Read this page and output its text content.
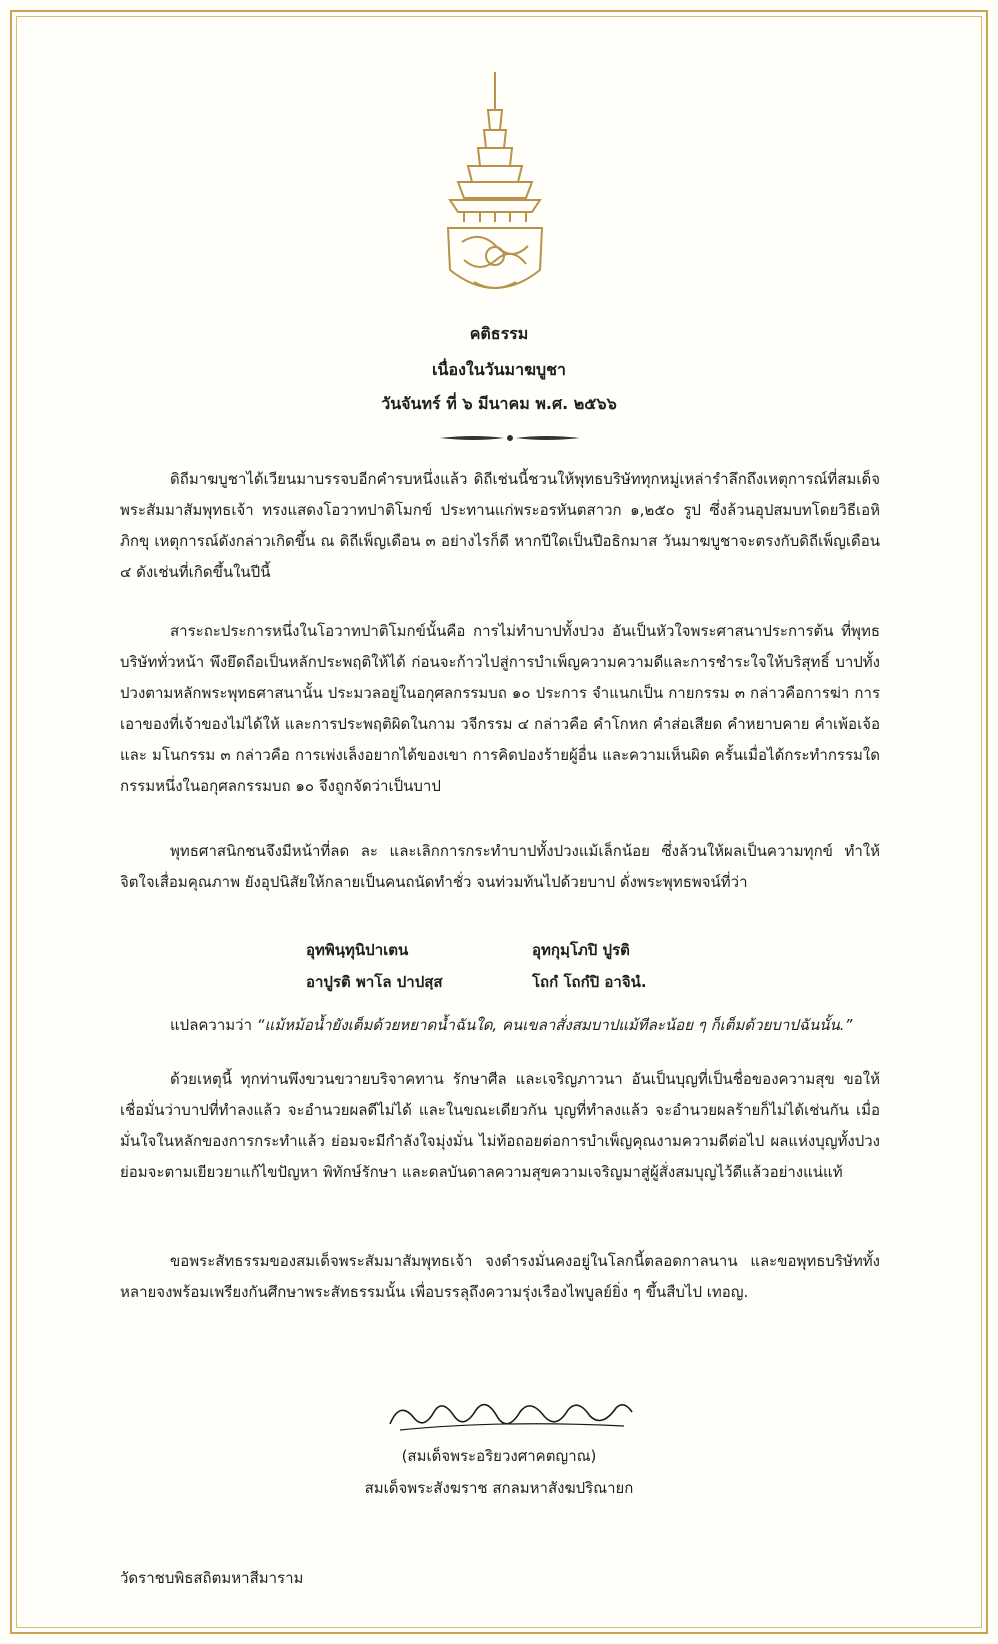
คติธรรม
เนื่องในวันมาฆบูชา
วันจันทร์ ที่ ๖ มีนาคม พ.ศ. ๒๕๖๖

ดิถีมาฆบูชาได้เวียนมาบรรจบอีกคำรบหนึ่งแล้ว ดิถีเช่นนี้ชวนให้พุทธบริษัททุกหมู่เหล่ารำลึกถึงเหตุการณ์ที่สมเด็จพระสัมมาสัมพุทธเจ้า ทรงแสดงโอวาทปาติโมกข์ ประทานแก่พระอรหันตสาวก ๑,๒๕๐ รูป ซึ่งล้วนอุปสมบทโดยวิธีเอหิภิกขุ เหตุการณ์ดังกล่าวเกิดขึ้น ณ ดิถีเพ็ญเดือน ๓ อย่างไรก็ดี หากปีใดเป็นปีอธิกมาส วันมาฆบูชาจะตรงกับดิถีเพ็ญเดือน ๔ ดังเช่นที่เกิดขึ้นในปีนี้

สาระถะประการหนึ่งในโอวาทปาติโมกข์นั้นคือ การไม่ทำบาปทั้งปวง อันเป็นหัวใจพระศาสนาประการต้น ที่พุทธบริษัททั่วหน้า พึงยึดถือเป็นหลักประพฤติให้ได้ ก่อนจะก้าวไปสู่การบำเพ็ญความความดีและการชำระใจให้บริสุทธิ์ บาปทั้งปวงตามหลักพระพุทธศาสนานั้น ประมวลอยู่ในอกุศลกรรมบถ ๑๐ ประการ จำแนกเป็น กายกรรม ๓ กล่าวคือการฆ่า การเอาของที่เจ้าของไม่ได้ให้ และการประพฤติผิดในกาม วจีกรรม ๔ กล่าวคือ คำโกหก คำส่อเสียด คำหยาบคาย คำเพ้อเจ้อ และ มโนกรรม ๓ กล่าวคือ การเพ่งเล็งอยากได้ของเขา การคิดปองร้ายผู้อื่น และความเห็นผิด ครั้นเมื่อได้กระทำกรรมใดกรรมหนึ่งในอกุศลกรรมบถ ๑๐ จึงถูกจัดว่าเป็นบาป

พุทธศาสนิกชนจึงมีหน้าที่ลด ละ และเลิกการกระทำบาปทั้งปวงแม้เล็กน้อย ซึ่งล้วนให้ผลเป็นความทุกข์ ทำให้จิตใจเสื่อมคุณภาพ ยังอุปนิสัยให้กลายเป็นคนถนัดทำชั่ว จนท่วมท้นไปด้วยบาป ดั่งพระพุทธพจน์ที่ว่า

อุทพินฺทุนิปาเตน
อาปูรติ พาโล ปาปสฺส
อุทกุมฺโภปิ ปูรติ
โถกํ โถกํปิ อาจินํ.

แปลความว่า “แม้หม้อน้ำยังเต็มด้วยหยาดน้ำฉันใด, คนเขลาสั่งสมบาปแม้ทีละน้อย ๆ ก็เต็มด้วยบาปฉันนั้น.”

ด้วยเหตุนี้ ทุกท่านพึงขวนขวายบริจาคทาน รักษาศีล และเจริญภาวนา อันเป็นบุญที่เป็นชื่อของความสุข ขอให้เชื่อมั่นว่าบาปที่ทำลงแล้ว จะอำนวยผลดีไม่ได้ และในขณะเดียวกัน บุญที่ทำลงแล้ว จะอำนวยผลร้ายก็ไม่ได้เช่นกัน เมื่อมั่นใจในหลักของการกระทำแล้ว ย่อมจะมีกำลังใจมุ่งมั่น ไม่ท้อถอยต่อการบำเพ็ญคุณงามความดีต่อไป ผลแห่งบุญทั้งปวงย่อมจะตามเยียวยาแก้ไขปัญหา พิทักษ์รักษา และดลบันดาลความสุขความเจริญมาสู่ผู้สั่งสมบุญไว้ดีแล้วอย่างแน่แท้

ขอพระสัทธรรมของสมเด็จพระสัมมาสัมพุทธเจ้า จงดำรงมั่นคงอยู่ในโลกนี้ตลอดกาลนาน และขอพุทธบริษัททั้งหลายจงพร้อมเพรียงกันศึกษาพระสัทธรรมนั้น เพื่อบรรลุถึงความรุ่งเรืองไพบูลย์ยิ่ง ๆ ขึ้นสืบไป เทอญ.

(สมเด็จพระอริยวงศาคตญาณ)
สมเด็จพระสังฆราช สกลมหาสังฆปริณายก
วัดราชบพิธสถิตมหาสีมาราม
